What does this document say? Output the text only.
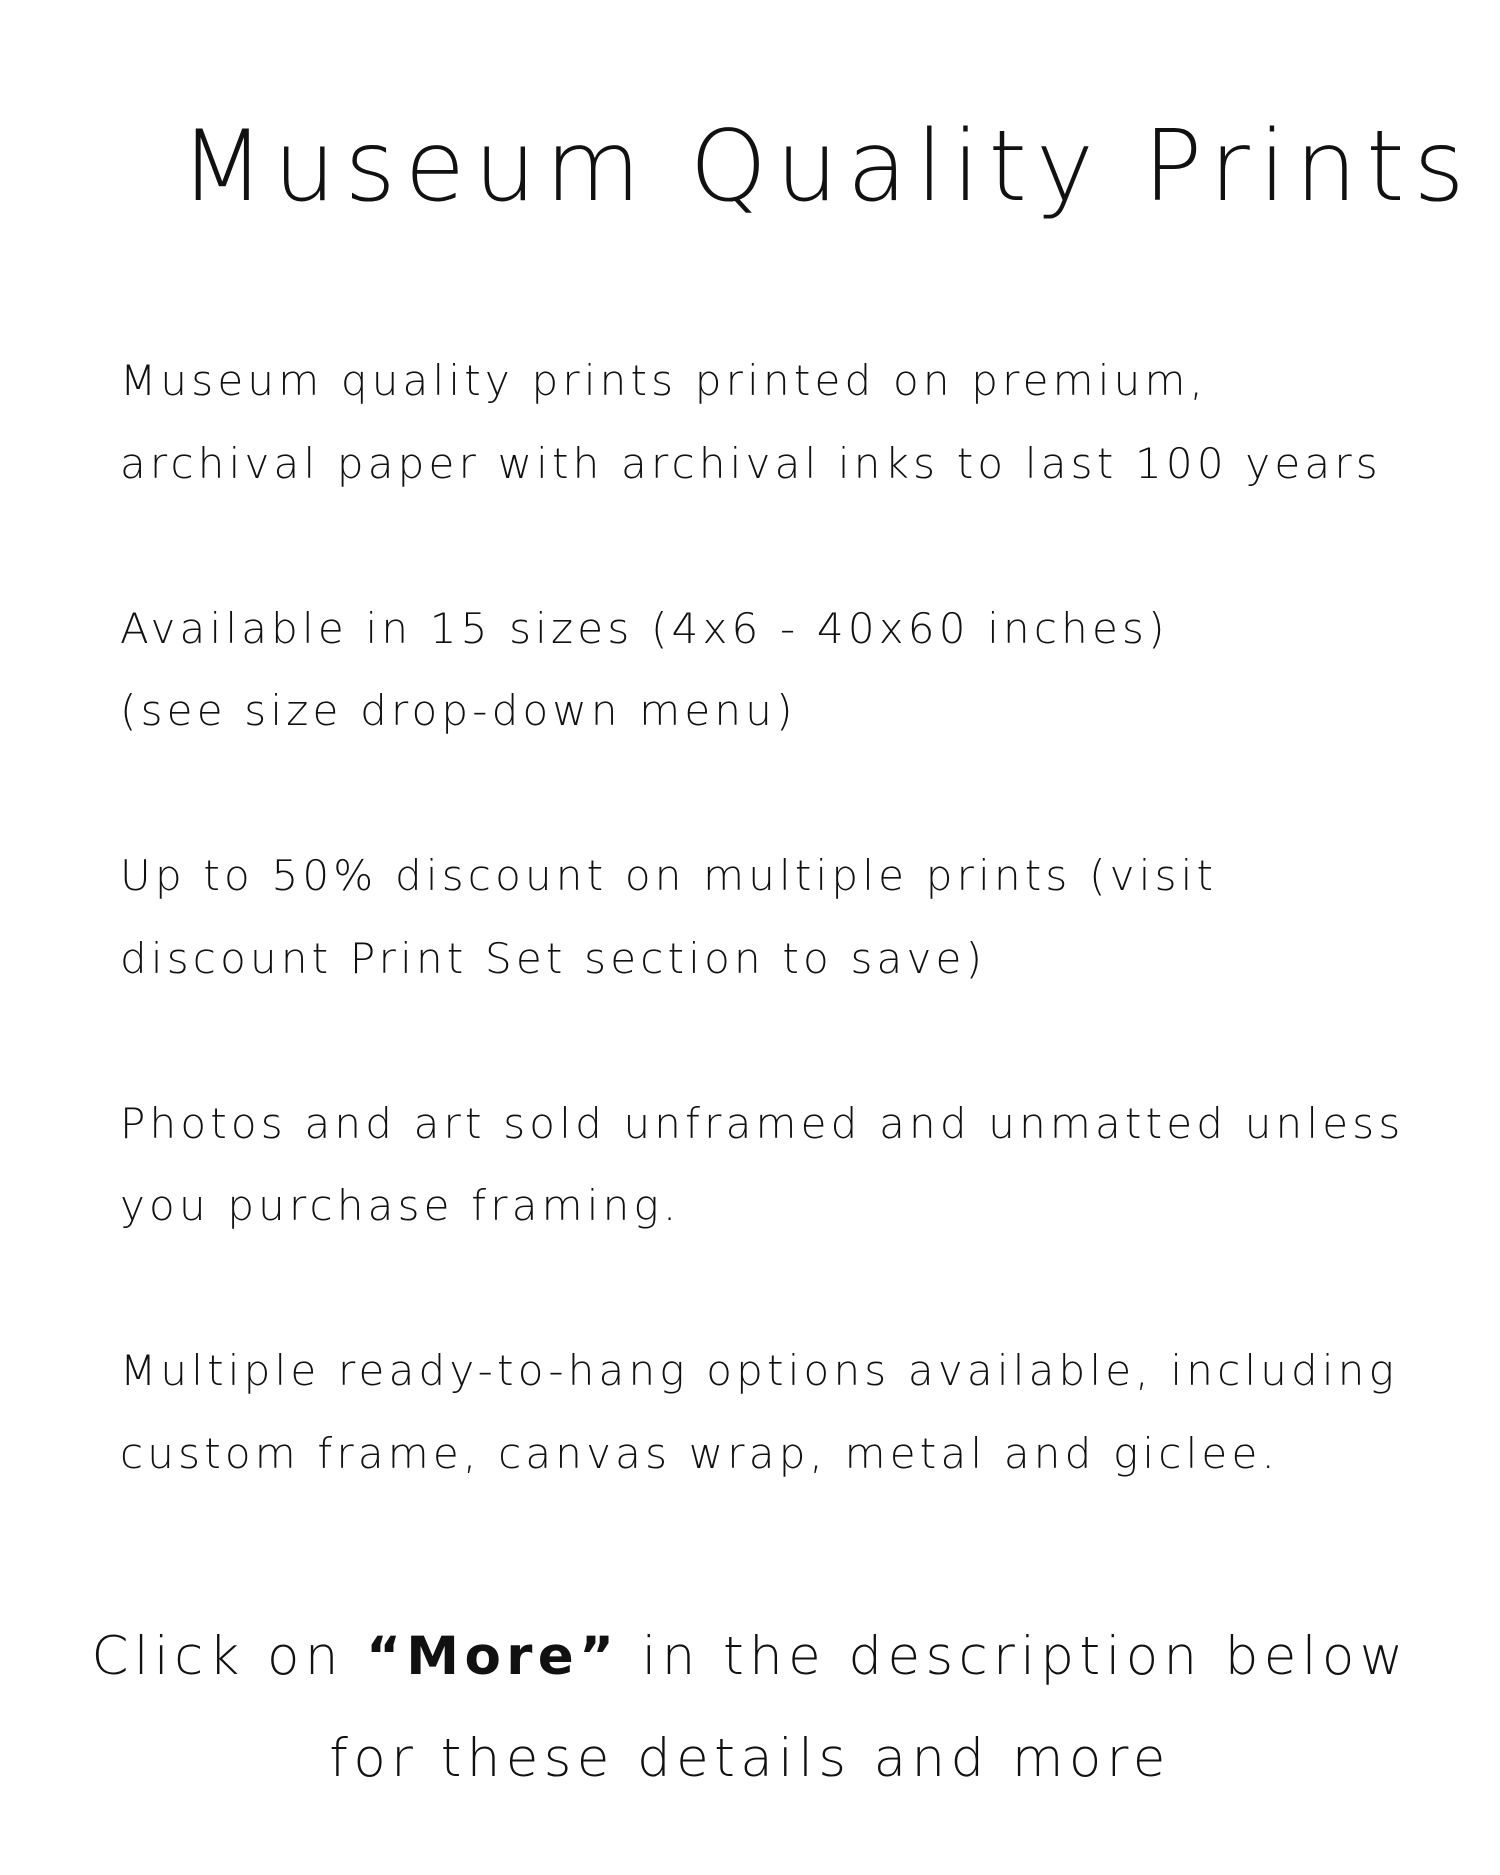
Museum Quality Prints

Museum quality prints printed on premium,

archival paper with archival inks to last 100 years

Available in 15 sizes (4x6 - 40x60 inches)

(see size drop-down menu)

Up to 50% discount on multiple prints (visit

discount Print Set section to save)

Photos and art sold unframed and unmatted unless

you purchase framing.

Multiple ready-to-hang options available, including

custom frame, canvas wrap, metal and giclee.

Click on “More” in the description below

for these details and more
